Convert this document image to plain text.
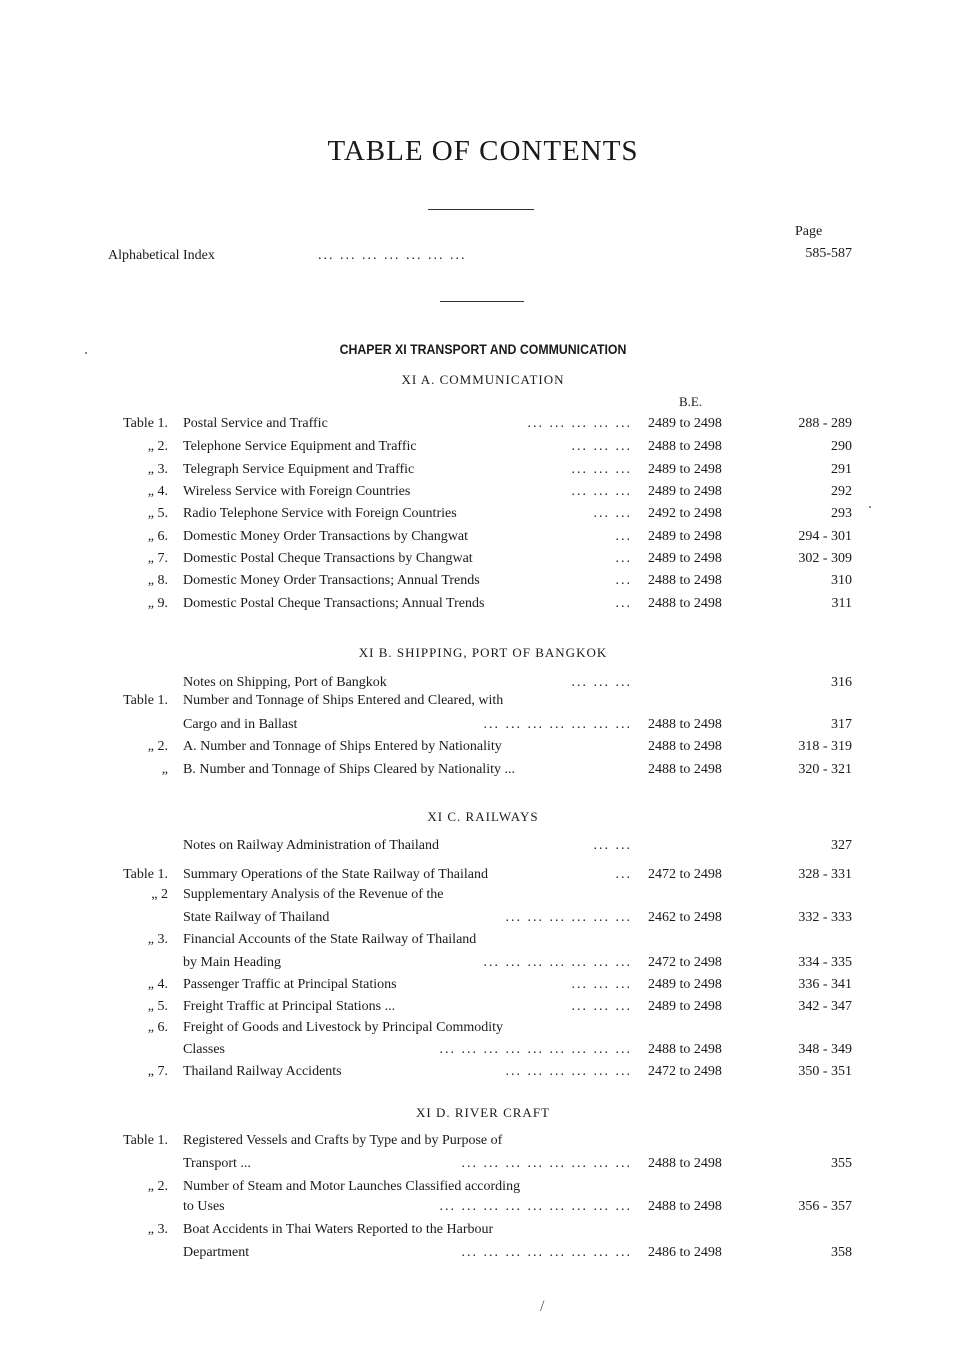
TABLE OF CONTENTS
Page
Alphabetical Index	... ... ... ... ... ... ...	585-587
CHAPER XI TRANSPORT AND COMMUNICATION
XI A. COMMUNICATION
B.E.
Table 1. Postal Service and Traffic	... ... ... ... ... 2489 to 2498	288 - 289
„ 2. Telephone Service Equipment and Traffic	... ... ... 2488 to 2498	290
„ 3. Telegraph Service Equipment and Traffic	... ... ... 2489 to 2498	291
„ 4. Wireless Service with Foreign Countries	... ... ... 2489 to 2498	292
„ 5. Radio Telephone Service with Foreign Countries	... ... 2492 to 2498	293
„ 6. Domestic Money Order Transactions by Changwat	... 2489 to 2498	294 - 301
„ 7. Domestic Postal Cheque Transactions by Changwat	... 2489 to 2498	302 - 309
„ 8. Domestic Money Order Transactions; Annual Trends	... 2488 to 2498	310
„ 9. Domestic Postal Cheque Transactions; Annual Trends	... 2488 to 2498	311
Notes on Shipping, Port of Bangkok	... ... ...	316
Table 1. Number and Tonnage of Ships Entered and Cleared, with
Cargo and in Ballast	... ... ... ... ... ... ... 2488 to 2498	317
„ 2. A. Number and Tonnage of Ships Entered by Nationality	2488 to 2498	318 - 319
„ B. Number and Tonnage of Ships Cleared by Nationality ...	2488 to 2498	320 - 321
Notes on Railway Administration of Thailand	... ...	327
Table 1. Summary Operations of the State Railway of Thailand	... 2472 to 2498	328 - 331
„ 2 Supplementary Analysis of the Revenue of the
State Railway of Thailand	... ... ... ... ... ... 2462 to 2498	332 - 333
„ 3. Financial Accounts of the State Railway of Thailand
by Main Heading	... ... ... ... ... ... ... 2472 to 2498	334 - 335
„ 4. Passenger Traffic at Principal Stations	... ... ... 2489 to 2498	336 - 341
„ 5. Freight Traffic at Principal Stations ...	... ... ... 2489 to 2498	342 - 347
„ 6. Freight of Goods and Livestock by Principal Commodity
Classes	... ... ... ... ... ... ... ... ... 2488 to 2498	348 - 349
„ 7. Thailand Railway Accidents	... ... ... ... ... ... 2472 to 2498	350 - 351
Table 1. Registered Vessels and Crafts by Type and by Purpose of
Transport ...	... ... ... ... ... ... ... ... 2488 to 2498	355
„ 2. Number of Steam and Motor Launches Classified according
to Uses	... ... ... ... ... ... ... ... ... 2488 to 2498	356 - 357
„ 3. Boat Accidents in Thai Waters Reported to the Harbour
Department	... ... ... ... ... ... ... ... 2486 to 2498	358
XI B. SHIPPING, PORT OF BANGKOK
XI C. RAILWAYS
XI D. RIVER CRAFT
/
